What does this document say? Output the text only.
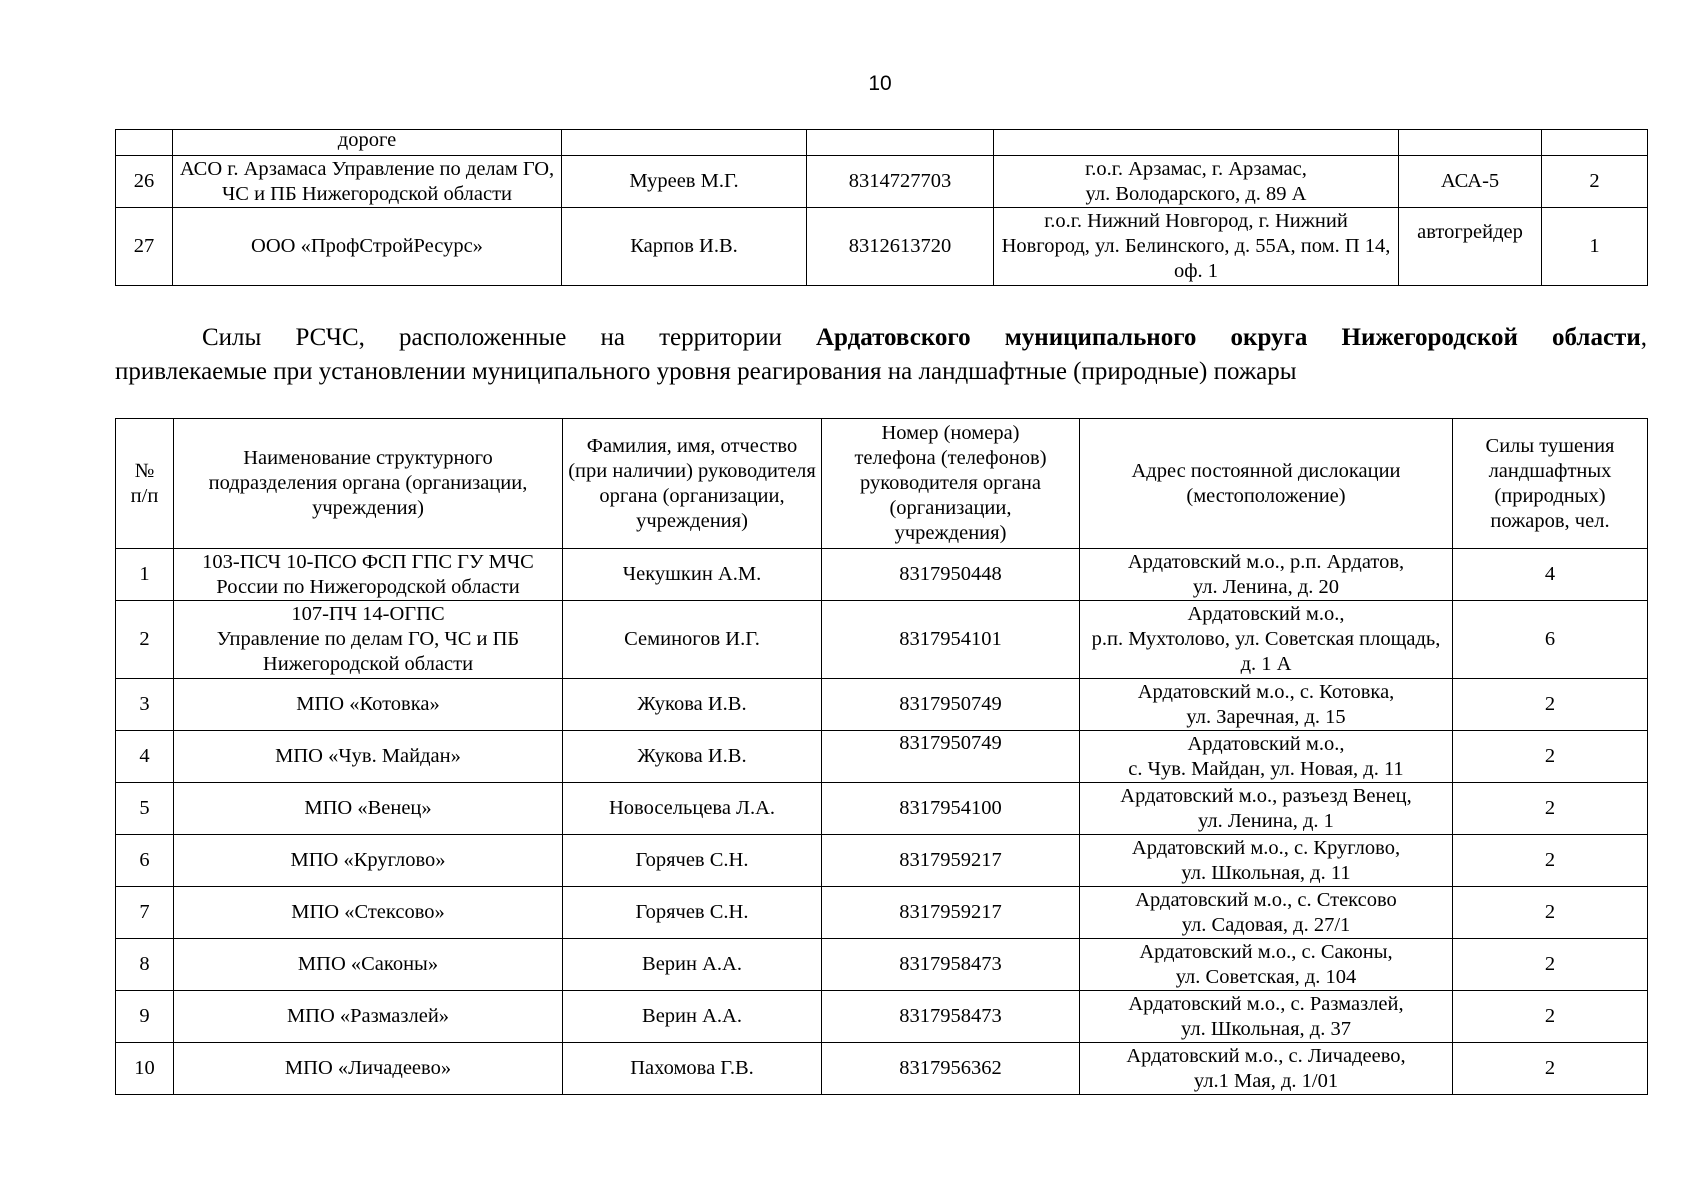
10
	дороге					
26	АСО г. Арзамаса Управление по делам ГО, ЧС и ПБ Нижегородской области	Муреев М.Г.	8314727703	г.о.г. Арзамас, г. Арзамас,
ул. Володарского, д. 89 А	АСА-5	2
27	ООО «ПрофСтройРесурс»	Карпов И.В.	8312613720	г.о.г. Нижний Новгород, г. Нижний Новгород, ул. Белинского, д. 55А, пом. П 14, оф. 1	автогрейдер	1
Силы РСЧС, расположенные на территории Ардатовского муниципального округа Нижегородской области,
привлекаемые при установлении муниципального уровня реагирования на ландшафтные (природные) пожары
№
п/п	Наименование структурного подразделения органа (организации, учреждения)	Фамилия, имя, отчество (при наличии) руководителя органа (организации, учреждения)	Номер (номера) телефона (телефонов) руководителя органа (организации, учреждения)	Адрес постоянной дислокации (местоположение)	Силы тушения ландшафтных (природных) пожаров, чел.
1	103-ПСЧ 10-ПСО ФСП ГПС ГУ МЧС России по Нижегородской области	Чекушкин А.М.	8317950448	Ардатовский м.о., р.п. Ардатов,
ул. Ленина, д. 20	4
2	107-ПЧ 14-ОГПС
Управление по делам ГО, ЧС и ПБ Нижегородской области	Семиногов И.Г.	8317954101	Ардатовский м.о.,
р.п. Мухтолово, ул. Советская площадь, д. 1 А	6
3	МПО «Котовка»	Жукова И.В.	8317950749	Ардатовский м.о., с. Котовка,
ул. Заречная, д. 15	2
4	МПО «Чув. Майдан»	Жукова И.В.	8317950749	Ардатовский м.о.,
с. Чув. Майдан, ул. Новая, д. 11	2
5	МПО «Венец»	Новосельцева Л.А.	8317954100	Ардатовский м.о., разъезд Венец,
ул. Ленина, д. 1	2
6	МПО «Круглово»	Горячев С.Н.	8317959217	Ардатовский м.о., с. Круглово,
ул. Школьная, д. 11	2
7	МПО «Стексово»	Горячев С.Н.	8317959217	Ардатовский м.о., с. Стексово
ул. Садовая, д. 27/1	2
8	МПО «Саконы»	Верин А.А.	8317958473	Ардатовский м.о., с. Саконы,
ул. Советская, д. 104	2
9	МПО «Размазлей»	Верин А.А.	8317958473	Ардатовский м.о., с. Размазлей,
ул. Школьная, д. 37	2
10	МПО «Личадеево»	Пахомова Г.В.	8317956362	Ардатовский м.о., с. Личадеево,
ул.1 Мая, д. 1/01	2
